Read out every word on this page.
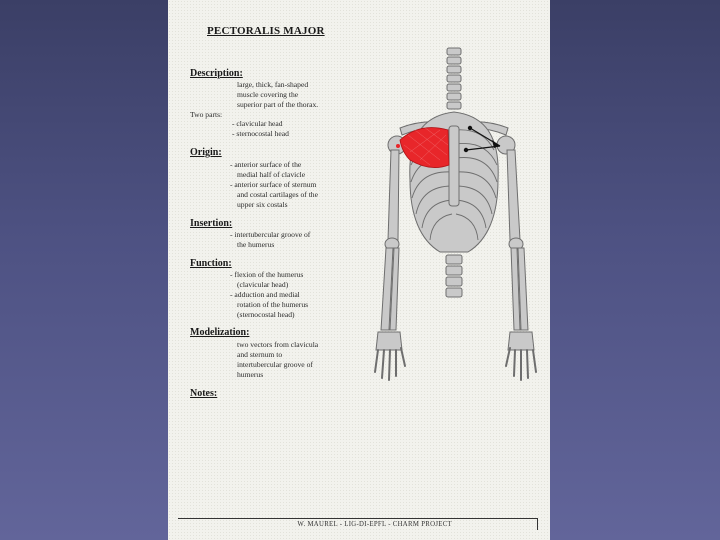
PECTORALIS MAJOR
Description:
large, thick, fan-shaped
muscle covering the
superior part of the thorax.
Two parts:
- clavicular head
- sternocostal head
Origin:
- anterior surface of the
medial half of clavicle
- anterior surface of sternum
and costal cartilages of the
upper six costals
Insertion:
- intertubercular groove of
the humerus
Function:
- flexion of the humerus
(clavicular head)
- adduction and medial
rotation of the humerus
(sternocostal head)
Modelization:
two vectors from clavicula
and sternum to
intertubercular groove of
humerus
Notes:
W. MAUREL - LIG-DI-EPFL - CHARM PROJECT
